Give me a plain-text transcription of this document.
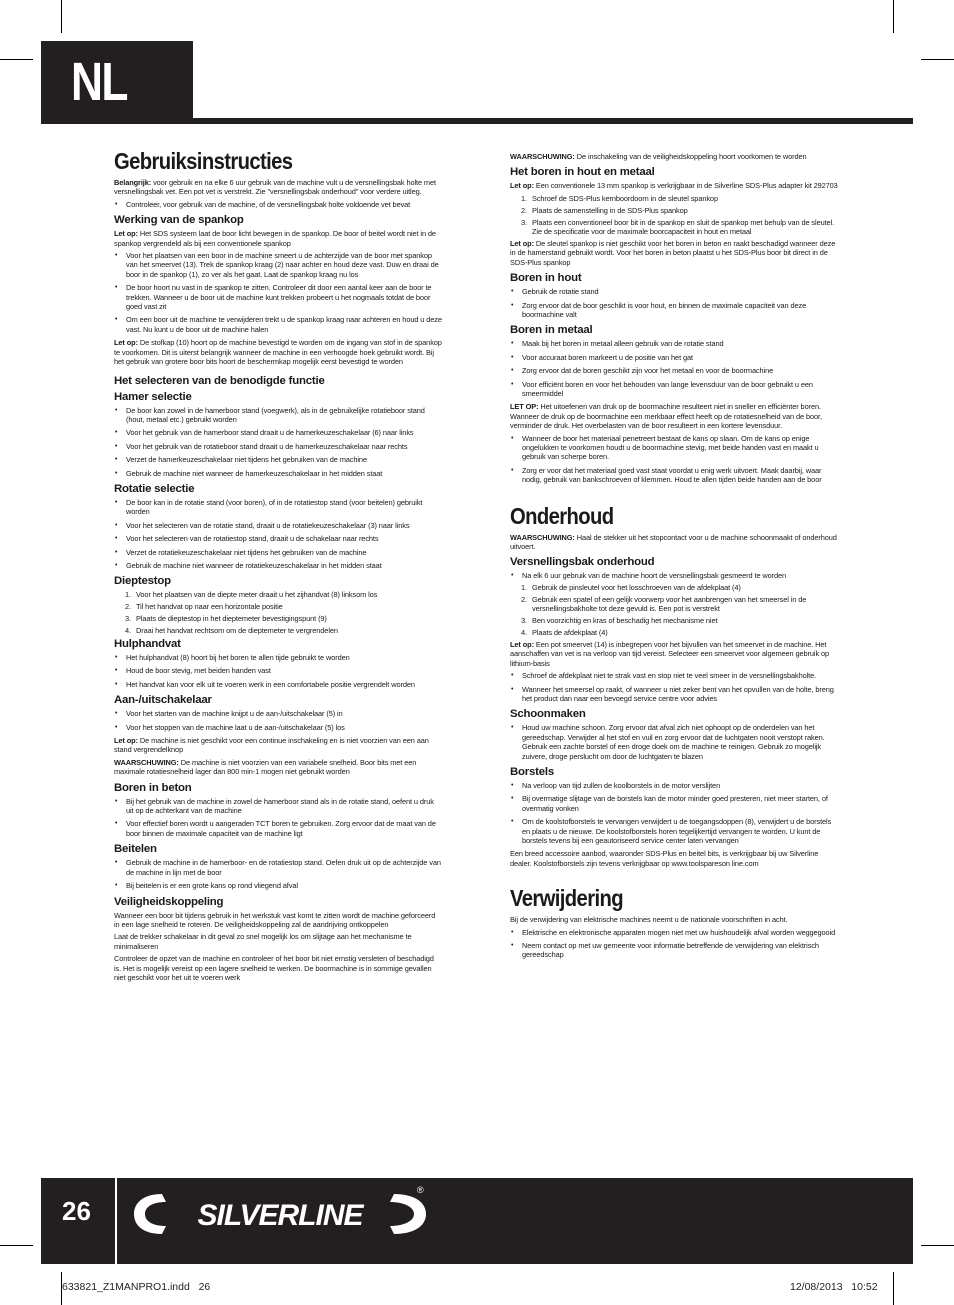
NL
Gebruiksinstructies

Belangrijk: voor gebruik en na elke 6 uur gebruik van de machine vult u de versnellingsbak holte met versnellingsbak vet. Een pot vet is verstrekt. Zie "versnellingsbak onderhoud" voor verdere uitleg.

• Controleer, voor gebruik van de machine, of de versnellingsbak holte voldoende vet bevat
Werking van de spankop

Let op: Het SDS systeem laat de boor licht bewegen in de spankop. De boor of beitel wordt niet in de spankop vergrendeld als bij een conventionele spankop

• Voor het plaatsen van een boor in de machine smeert u de achterzijde van de boor met spankop van het smeervet (13). Trek de spankop kraag (2) naar achter en houd deze vast. Duw en draai de boor in de spankop (1), zo ver als het gaat. Laat de spankop kraag nu los
• De boor hoort nu vast in de spankop te zitten. Controleer dit door een aantal keer aan de boor te trekken. Wanneer u de boor uit de machine kunt trekken probeert u het nogmaals totdat de boor goed vast zit
• Om een boor uit de machine te verwijderen trekt u de spankop kraag naar achteren en houd u deze vast. Nu kunt u de boor uit de machine halen

Let op: De stofkap (10) hoort op de machine bevestigd te worden om de ingang van stof in de spankop te voorkomen. Dit is uiterst belangrijk wanneer de machine in een verhoogde hoek gebruikt wordt. Bij het gebruik van grotere boor bits hoort de beschermkap mogelijk eerst bevestigd te worden

Het selecteren van de benodigde functie
Hamer selectie
• De boor kan zowel in de hamerboor stand (voegwerk), als in de gebruikelijke rotatieboor stand (hout, metaal etc.) gebruikt worden
• Voor het gebruik van de hamerboor stand draait u de hamerkeuzeschakelaar (6) naar links
• Voor het gebruik van de rotatieboor stand draait u de hamerkeuzeschakelaar naar rechts
• Verzet de hamerkeuzeschakelaar niet tijdens het gebruiken van de machine
• Gebruik de machine niet wanneer de hamerkeuzeschakelaar in het midden staat
Rotatie selectie
• De boor kan in de rotatie stand (voor boren), of in de rotatiestop stand (voor beitelen) gebruikt worden
• Voor het selecteren van de rotatie stand, draait u de rotatiekeuzeschakelaar (3) naar links
• Voor het selecteren van de rotatiestop stand, draait u de schakelaar naar rechts
• Verzet de rotatiekeuzeschakelaar niet tijdens het gebruiken van de machine
• Gebruik de machine niet wanneer de rotatiekeuzeschakelaar in het midden staat
Dieptestop
1. Voor het plaatsen van de diepte meter draait u het zijhandvat (8) linksom los
2. Til het handvat op naar een horizontale positie
3. Plaats de dieptestop in het dieptemeter bevestigingspunt (9)
4. Draai het handvat rechtsom om de dieptemeter te vergrendelen
Hulphandvat
• Het hulphandvat (8) hoort bij het boren te allen tijde gebruikt te worden
• Houd de boor stevig, met beiden handen vast
• Het handvat kan voor elk uit te voeren werk in een comfortabele positie vergrendelt worden
Aan-/uitschakelaar
• Voor het starten van de machine knijpt u de aan-/uitschakelaar (5) in
• Voor het stoppen van de machine laat u de aan-/uitschakelaar (5) los

Let op: De machine is niet geschikt voor een continue inschakeling en is niet voorzien van een aan stand vergrendelknop

WAARSCHUWING: De machine is niet voorzien van een variabele snelheid. Boor bits met een maximale rotatiesnelheid lager dan 800 min-1 mogen niet gebruikt worden

Boren in beton
• Bij het gebruik van de machine in zowel de hamerboor stand als in de rotatie stand, oefent u druk uit op de achterkant van de machine
• Voor effectief boren wordt u aangeraden TCT boren te gebruiken. Zorg ervoor dat de maat van de boor binnen de maximale capaciteit van de machine ligt
Beitelen
• Gebruik de machine in de hamerboor- en de rotatiestop stand. Oefen druk uit op de achterzijde van de machine in lijn met de boor
• Bij beitelen is er een grote kans op rond vliegend afval
Veiligheidskoppeling

Wanneer een boor bit tijdens gebruik in het werkstuk vast komt te zitten wordt de machine geforceerd in een lage snelheid te roteren. De veiligheidskoppeling zal de aandrijving ontkoppelen

Laat de trekker schakelaar in dit geval zo snel mogelijk los om slijtage aan het mechanisme te minimaliseren

Controleer de opzet van de machine en controleer of het boor bit niet ernstig versleten of beschadigd is. Het is mogelijk vereist op een lagere snelheid te werken. De boormachine is in sommige gevallen niet geschikt voor het uit te voeren werk

WAARSCHUWING: De inschakeling van de veiligheidskoppeling hoort voorkomen te worden

Het boren in hout en metaal

Let op: Een conventionele 13 mm spankop is verkrijgbaar in de Silverline SDS-Plus adapter kit 292703

1. Schroef de SDS-Plus kernboordoorn in de sleutel spankop
2. Plaats de samenstelling in de SDS-Plus spankop
3. Plaats een conventioneel boor bit in de spankop en sluit de spankop met behulp van de sleutel. Zie de specificatie voor de maximale boorcapaciteit in hout en metaal

Let op: De sleutel spankop is niet geschikt voor het boren in beton en raakt beschadigd wanneer deze in de hamerstand gebruikt wordt. Voor het boren in beton plaatst u het SDS-Plus boor bit direct in de SDS-Plus spankop

Boren in hout
• Gebruik de rotatie stand
• Zorg ervoor dat de boor geschikt is voor hout, en binnen de maximale capaciteit van deze boormachine valt
Boren in metaal
• Maak bij het boren in metaal alleen gebruik van de rotatie stand
• Voor accuraat boren markeert u de positie van het gat
• Zorg ervoor dat de boren geschikt zijn voor het metaal en voor de boormachine
• Voor efficiënt boren en voor het behouden van lange levensduur van de boor gebruikt u een smeermiddel

LET OP: Het uitoefenen van druk op de boormachine resulteert niet in sneller en efficiënter boren. Wanneer de druk op de boormachine een merkbaar effect heeft op de rotatiesnelheid van de boor, verminder de druk. Het overbelasten van de boor resulteert in een kortere levensduur.

• Wanneer de boor het materiaal penetreert bestaat de kans op slaan. Om de kans op enige ongelukken te voorkomen houdt u de boormachine stevig, met beide handen vast en maakt u gebruik van scherpe boren.
• Zorg er voor dat het materiaal goed vast staat voordat u enig werk uitvoert. Maak daarbij, waar nodig, gebruik van bankschroeven of klemmen. Houd te allen tijden beide handen aan de boor
Onderhoud

WAARSCHUWING: Haal de stekker uit het stopcontact voor u de machine schoonmaakt of onderhoud uitvoert.

Versnellingsbak onderhoud
• Na elk 6 uur gebruik van de machine hoort de versnellingsbak gesmeerd te worden
1. Gebruik de pinsleutel voor het losschroeven van de afdekplaat (4)
2. Gebruik een spatel of een gelijk voorwerp voor het aanbrengen van het smeersel in de versnellingsbakholte tot deze gevuld is. Een pot is verstrekt
3. Ben voorzichtig en kras of beschadig het mechanisme niet
4. Plaats de afdekplaat (4)

Let op: Een pot smeervet (14) is inbegrepen voor het bijvullen van het smeervet in de machine. Het aanschaffen van vet is na verloop van tijd vereist. Selecteer een smeervet voor algemeen gebruik op lithium-basis

• Schroef de afdekplaat niet te strak vast en stop niet te veel smeer in de versnellingsbakholte.
• Wanneer het smeersel op raakt, of wanneer u niet zeker bent van het opvullen van de holte, breng het product dan naar een bevoegd service centre voor advies
Schoonmaken
• Houd uw machine schoon. Zorg ervoor dat afval zich niet ophoopt op de onderdelen van het gereedschap. Verwijder al het stof en vuil en zorg ervoor dat de luchtgaten nooit verstopt raken. Gebruik een zachte borstel of een droge doek om de machine te reinigen. Gebruik zo mogelijk zuivere, droge perslucht om door de luchtgaten te blazen
Borstels
• Na verloop van tijd zullen de koolborstels in de motor verslijten
• Bij overmatige slijtage van de borstels kan de motor minder goed presteren, niet meer starten, of overmatig vonken
• Om de koolstofborstels te vervangen verwijdert u de toegangsdoppen (8), verwijdert u de borstels en plaats u de nieuwe. De koolstofborstels horen tegelijkertijd vervangen te worden. U kunt de borstels tevens bij een geautoriseerd service center laten vervangen

Een breed accessoire aanbod, waaronder SDS-Plus en beitel bits, is verkrijgbaar bij uw Silverline dealer. Koolstofborstels zijn tevens verkrijgbaar op www.toolspareson line.com

Verwijdering

Bij de verwijdering van elektrische machines neemt u de nationale voorschriften in acht.

• Elektrische en elektronische apparaten mogen niet met uw huishoudelijk afval worden weggegooid
• Neem contact op met uw gemeente voor informatie betreffende de verwijdering van elektrisch gereedschap
26	SILVERLINE
®
633821_Z1MANPRO1.indd   26	12/08/2013   10:52
